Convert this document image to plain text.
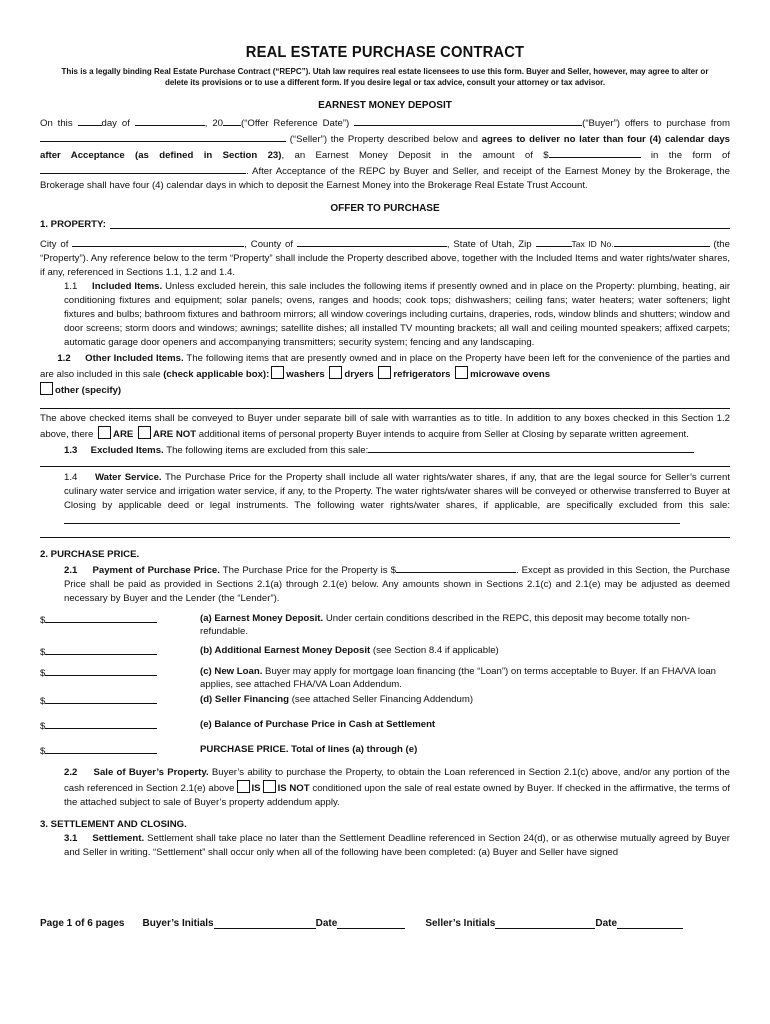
REAL ESTATE PURCHASE CONTRACT
This is a legally binding Real Estate Purchase Contract (“REPC”). Utah law requires real estate licensees to use this form. Buyer and Seller, however, may agree to alter or delete its provisions or to use a different form. If you desire legal or tax advice, consult your attorney or tax advisor.
EARNEST MONEY DEPOSIT

On this	day of	, 20 (“Offer Reference Date”)	(“Buyer”) offers to purchase from  (“Seller”) the Property described below and agrees to deliver no later than four (4) calendar days after Acceptance (as defined in Section 23), an Earnest Money Deposit in the amount of $	in the form of. After Acceptance of the REPC by Buyer and Seller, and receipt of the Earnest Money by the Brokerage, the Brokerage shall have four (4) calendar days in which to deposit the Earnest Money into the Brokerage Real Estate Trust Account.

OFFER TO PURCHASE

1. PROPERTY:

City of	, County of	, State of Utah, Zip	Tax ID No.	(the “Property”). Any reference below to the term “Property” shall include the Property described above, together with the Included Items and water rights/water shares, if any, referenced in Sections 1.1, 1.2 and 1.4.

1.1 Included Items. Unless excluded herein, this sale includes the following items if presently owned and in place on the Property: plumbing, heating, air conditioning fixtures and equipment; solar panels; ovens, ranges and hoods; cook tops; dishwashers; ceiling fans; water heaters; water softeners; light fixtures and bulbs; bathroom fixtures and bathroom mirrors; all window coverings including curtains, draperies, rods, window blinds and shutters; window and door screens; storm doors and windows; awnings; satellite dishes; all installed TV mounting brackets; all wall and ceiling mounted speakers; affixed carpets; automatic garage door openers and accompanying transmitters; security system; fencing and any landscaping.

1.2 Other Included Items. The following items that are presently owned and in place on the Property have been left for the convenience of the parties and are also included in this sale (check applicable box): washers dryers refrigerators microwave ovens
other (specify)

The above checked items shall be conveyed to Buyer under separate bill of sale with warranties as to title. In addition to any boxes checked in this Section 1.2 above, there ARE ARE NOT additional items of personal property Buyer intends to acquire from Seller at Closing by separate written agreement.

1.3 Excluded Items. The following items are excluded from this sale:

1.4 Water Service. The Purchase Price for the Property shall include all water rights/water shares, if any, that are the legal source for Seller’s current culinary water service and irrigation water service, if any, to the Property. The water rights/water shares will be conveyed or otherwise transferred to Buyer at Closing by applicable deed or legal instruments. The following water rights/water shares, if applicable, are specifically excluded from this sale:

2. PURCHASE PRICE.

2.1 Payment of Purchase Price. The Purchase Price for the Property is $	. Except as provided in this Section, the Purchase Price shall be paid as provided in Sections 2.1(a) through 2.1(e) below. Any amounts shown in Sections 2.1(c) and 2.1(e) may be adjusted as deemed necessary by Buyer and the Lender (the “Lender”).

$	(a) Earnest Money Deposit. Under certain conditions described in the REPC, this deposit may become totally non-refundable.
$	(b) Additional Earnest Money Deposit (see Section 8.4 if applicable)
$	(c) New Loan. Buyer may apply for mortgage loan financing (the “Loan”) on terms acceptable to Buyer. If an FHA/VA loan applies, see attached FHA/VA Loan Addendum.
$	(d) Seller Financing (see attached Seller Financing Addendum)
$	(e) Balance of Purchase Price in Cash at Settlement
$	PURCHASE PRICE. Total of lines (a) through (e)

2.2 Sale of Buyer’s Property. Buyer’s ability to purchase the Property, to obtain the Loan referenced in Section 2.1(c) above, and/or any portion of the cash referenced in Section 2.1(e) above IS IS NOT conditioned upon the sale of real estate owned by Buyer. If checked in the affirmative, the terms of the attached subject to sale of Buyer’s property addendum apply.

3. SETTLEMENT AND CLOSING.

3.1 Settlement. Settlement shall take place no later than the Settlement Deadline referenced in Section 24(d), or as otherwise mutually agreed by Buyer and Seller in writing. “Settlement” shall occur only when all of the following have been completed: (a) Buyer and Seller have signed

Page 1 of 6 pages Buyer’s Initials	Date	Seller’s Initials	Date
